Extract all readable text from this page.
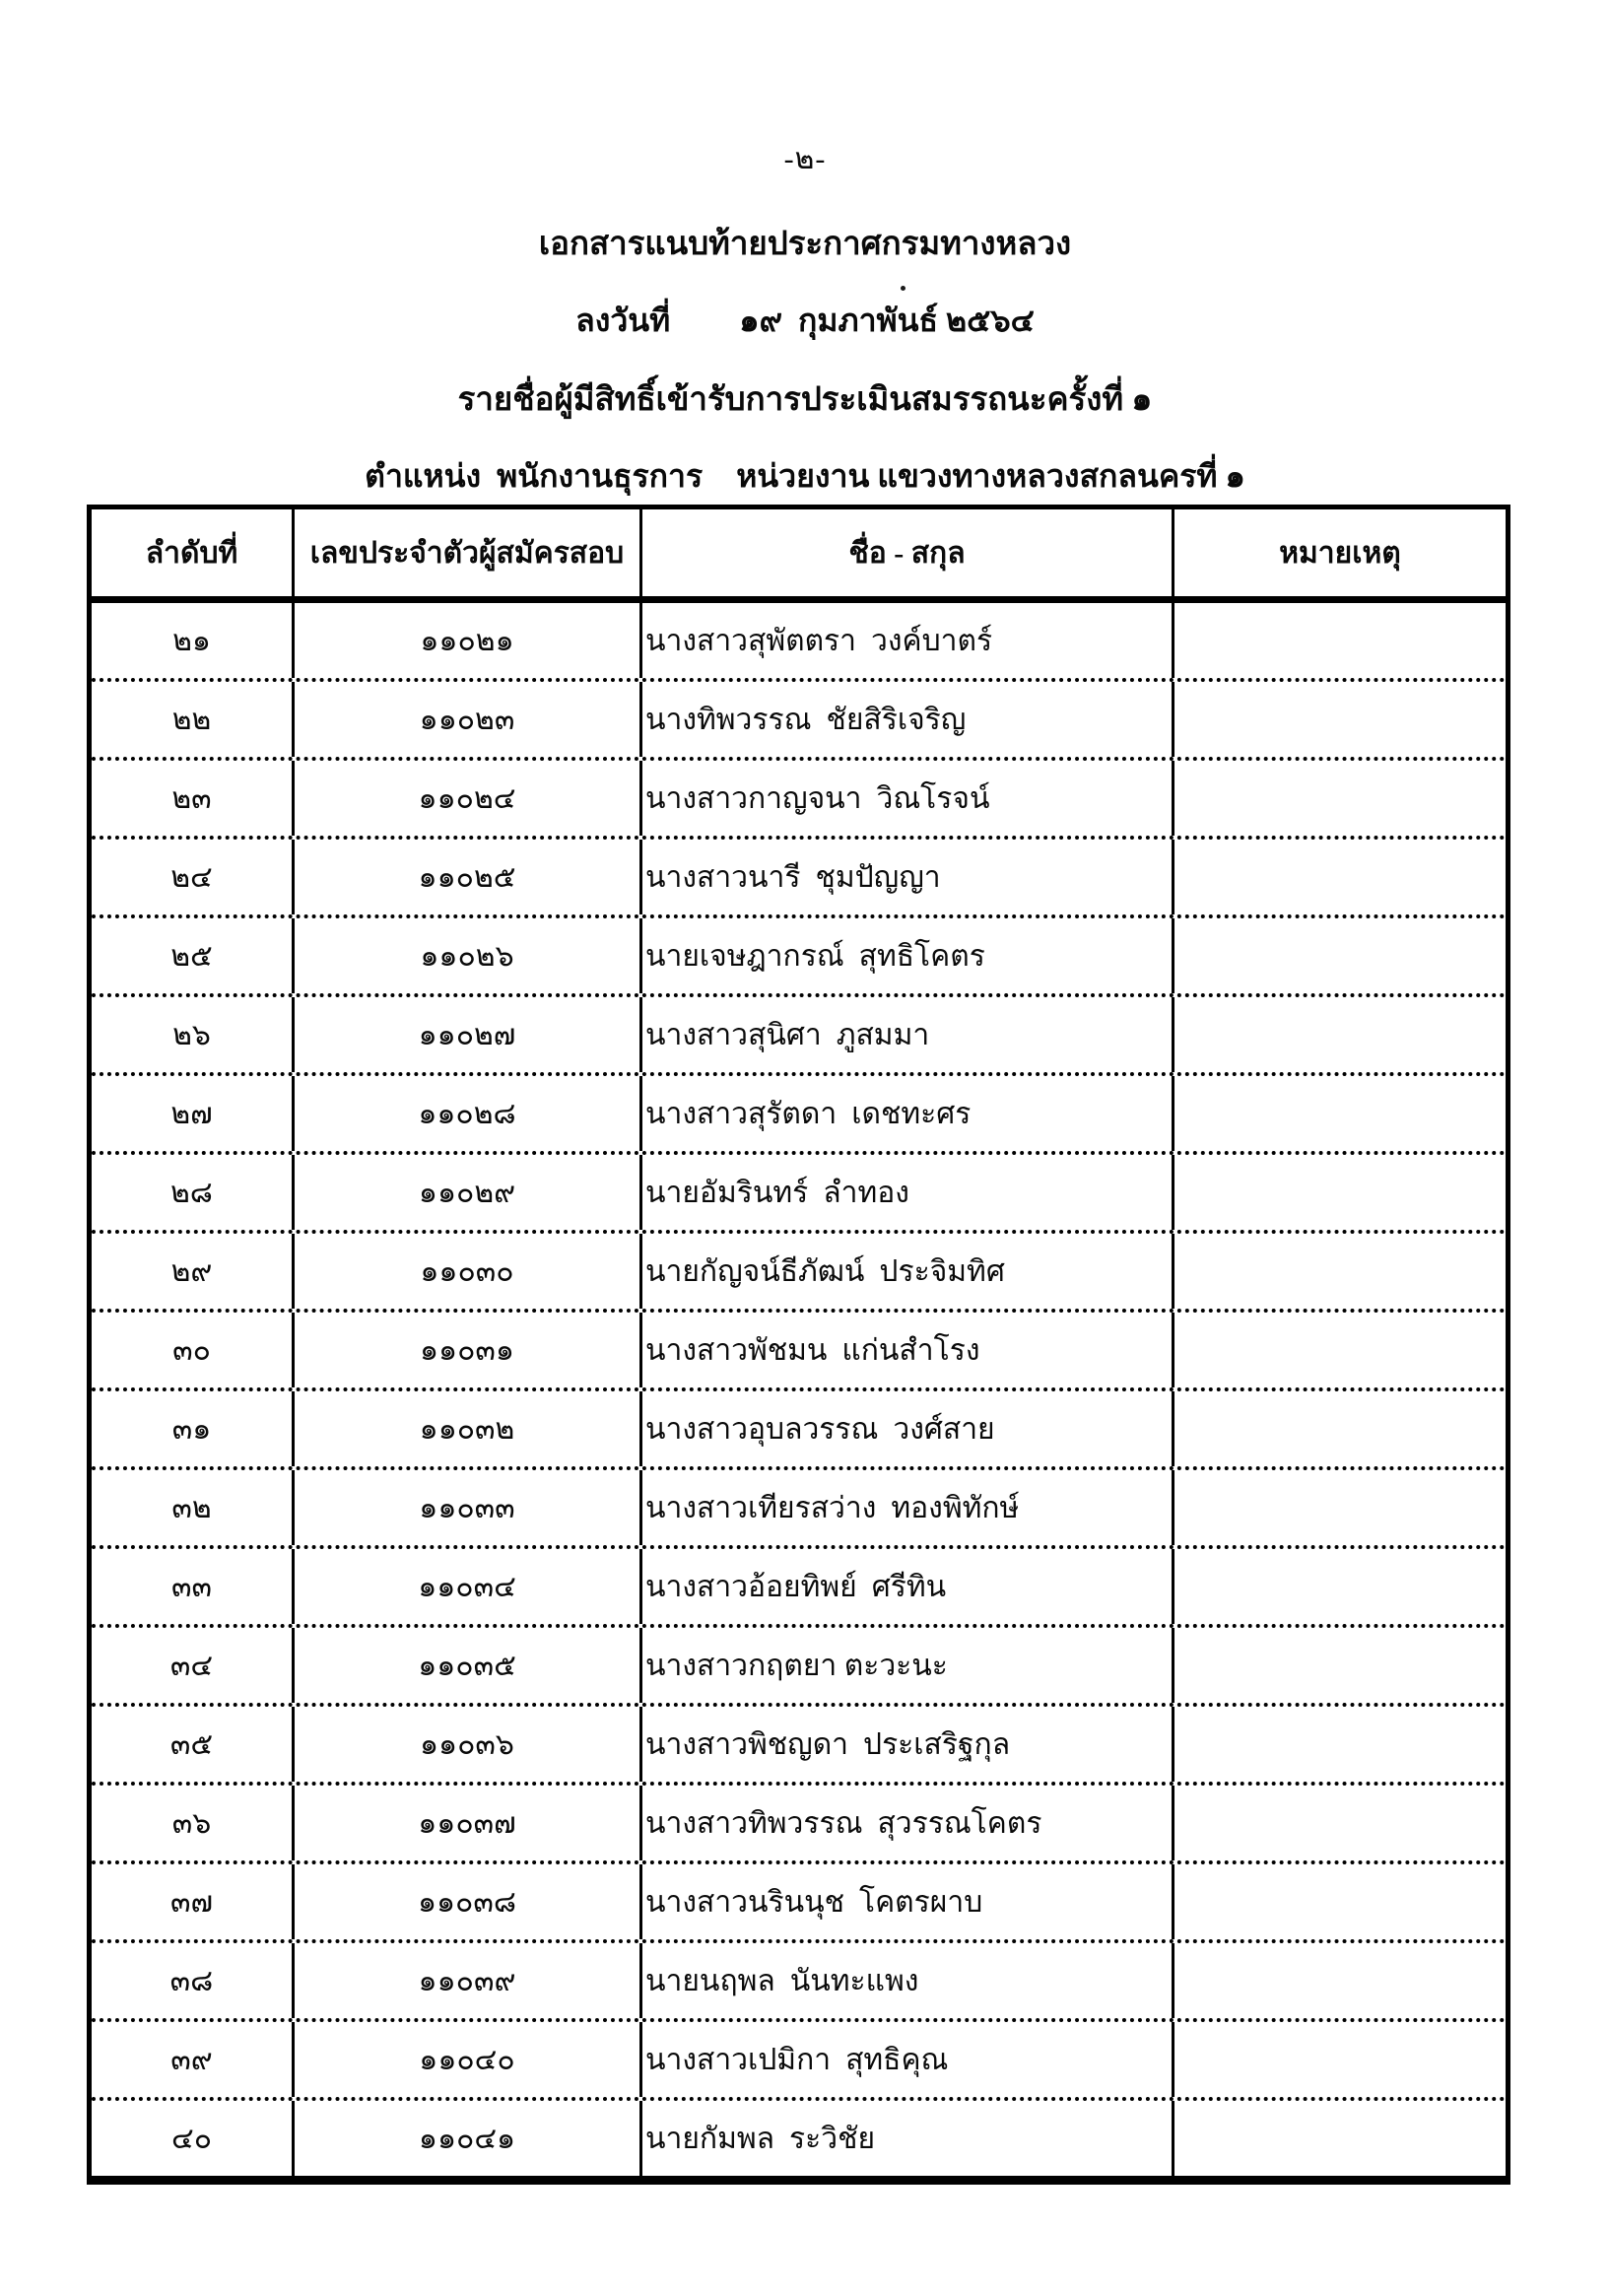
-๒-
เอกสารแนบท้ายประกาศกรมทางหลวง
ลงวันที่ ๑๙  กุมภาพันธ์ ๒๕๖๔
รายชื่อผู้มีสิทธิ์เข้ารับการประเมินสมรรถนะครั้งที่ ๑
ตำแหน่ง  พนักงานธุรการ หน่วยงาน แขวงทางหลวงสกลนครที่ ๑
ลำดับที่	เลขประจำตัวผู้สมัครสอบ	ชื่อ - สกุล	หมายเหตุ
๒๑	๑๑๐๒๑	นางสาวสุพัตตรา  วงค์บาตร์
๒๒	๑๑๐๒๓	นางทิพวรรณ  ชัยสิริเจริญ
๒๓	๑๑๐๒๔	นางสาวกาญจนา  วิณโรจน์
๒๔	๑๑๐๒๕	นางสาวนารี  ชุมปัญญา
๒๕	๑๑๐๒๖	นายเจษฎากรณ์  สุทธิโคตร
๒๖	๑๑๐๒๗	นางสาวสุนิศา  ภูสมมา
๒๗	๑๑๐๒๘	นางสาวสุรัตดา  เดชทะศร
๒๘	๑๑๐๒๙	นายอัมรินทร์  ลำทอง
๒๙	๑๑๐๓๐	นายกัญจน์ธีภัฒน์  ประจิมทิศ
๓๐	๑๑๐๓๑	นางสาวพัชมน  แก่นสำโรง
๓๑	๑๑๐๓๒	นางสาวอุบลวรรณ  วงศ์สาย
๓๒	๑๑๐๓๓	นางสาวเทียรสว่าง  ทองพิทักษ์
๓๓	๑๑๐๓๔	นางสาวอ้อยทิพย์  ศรีทิน
๓๔	๑๑๐๓๕	นางสาวกฤตยา ตะวะนะ
๓๕	๑๑๐๓๖	นางสาวพิชญดา  ประเสริฐกุล
๓๖	๑๑๐๓๗	นางสาวทิพวรรณ  สุวรรณโคตร
๓๗	๑๑๐๓๘	นางสาวนรินนุช  โคตรผาบ
๓๘	๑๑๐๓๙	นายนฤพล  นันทะแพง
๓๙	๑๑๐๔๐	นางสาวเปมิกา  สุทธิคุณ
๔๐	๑๑๐๔๑	นายกัมพล  ระวิชัย
